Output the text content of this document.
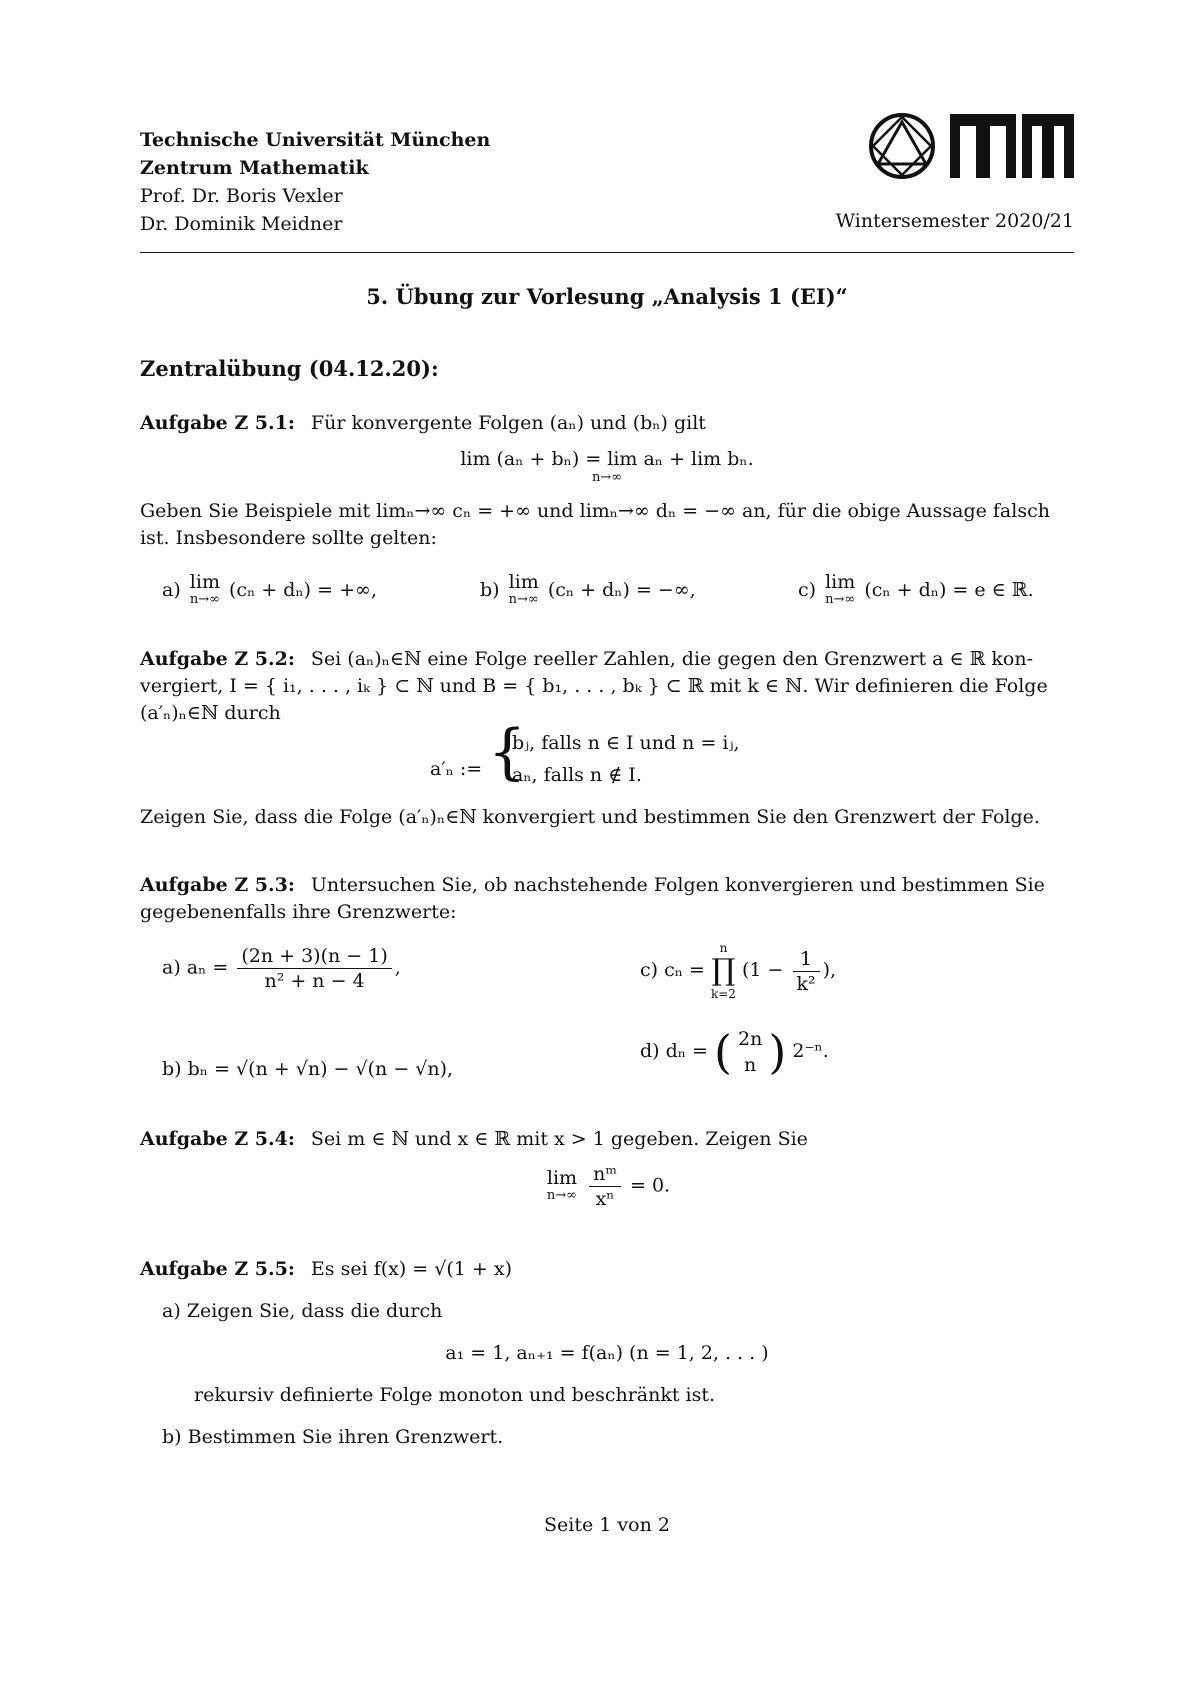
Technische Universität München
Zentrum Mathematik
Prof. Dr. Boris Vexler
Dr. Dominik Meidner	Wintersemester 2020/21
5. Übung zur Vorlesung „Analysis 1 (EI)“
Zentralübung (04.12.20):
Aufgabe Z 5.1: Für konvergente Folgen (aₙ) und (bₙ) gilt
lim (aₙ + bₙ) = lim aₙ + lim bₙ.
n→∞
Geben Sie Beispiele mit limₙ→∞ cₙ = +∞ und limₙ→∞ dₙ = −∞ an, für die obige Aussage falsch
ist. Insbesondere sollte gelten:
a) lim
n→∞ (cₙ + dₙ) = +∞,	b) lim
n→∞ (cₙ + dₙ) = −∞,	c) lim
n→∞ (cₙ + dₙ) = e ∈ ℝ.
Aufgabe Z 5.2: Sei (aₙ)ₙ∈ℕ eine Folge reeller Zahlen, die gegen den Grenzwert a ∈ ℝ kon-
vergiert, I = { i₁, . . . , iₖ } ⊂ ℕ und B = { b₁, . . . , bₖ } ⊂ ℝ mit k ∈ ℕ. Wir definieren die Folge
(a′ₙ)ₙ∈ℕ durch
a′ₙ := {
bⱼ, falls n ∈ I und n = iⱼ,
aₙ, falls n ∉ I.
Zeigen Sie, dass die Folge (a′ₙ)ₙ∈ℕ konvergiert und bestimmen Sie den Grenzwert der Folge.
Aufgabe Z 5.3: Untersuchen Sie, ob nachstehende Folgen konvergieren und bestimmen Sie
gegebenenfalls ihre Grenzwerte:
a) $a_n = \frac{(2n + 3)(n - 1)}{\text{n² + n − 4}}$ ,	c) cₙ =
n
∏
k=2
($1 - \frac{1}{\text{k²}}$ ),
b) bₙ = √(n + √n) − √(n − √n),
d) dₙ = ( 2n
n ) 2⁻ⁿ.
Aufgabe Z 5.4: Sei m ∈ ℕ und x ∈ ℝ mit x > 1 gegeben. Zeigen Sie
lim
n→∞
$\frac{\text{nᵐ}}{\text{xⁿ}} = 0$.
Aufgabe Z 5.5: Es sei f(x) = √(1 + x)
a) Zeigen Sie, dass die durch
a₁ = 1, aₙ₊₁ = f(aₙ) (n = 1, 2, . . . )
rekursiv definierte Folge monoton und beschränkt ist.
b) Bestimmen Sie ihren Grenzwert.
Seite 1 von 2
